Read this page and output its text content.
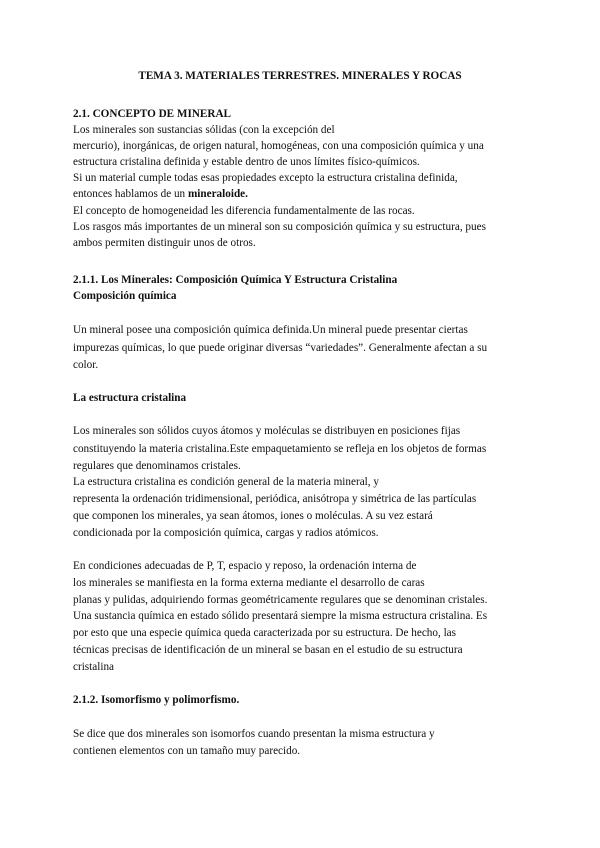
TEMA 3. MATERIALES TERRESTRES. MINERALES Y ROCAS

2.1. CONCEPTO DE MINERAL

Los minerales son sustancias sólidas (con la excepción del

mercurio), inorgánicas, de origen natural, homogéneas, con una composición química y una

estructura cristalina definida y estable dentro de unos límites físico-químicos.

Si un material cumple todas esas propiedades excepto la estructura cristalina definida,

entonces hablamos de un mineraloide.

El concepto de homogeneidad les diferencia fundamentalmente de las rocas.

Los rasgos más importantes de un mineral son su composición química y su estructura, pues

ambos permiten distinguir unos de otros.

2.1.1. Los Minerales: Composición Química Y Estructura Cristalina

Composición química

Un mineral posee una composición química definida.Un mineral puede presentar ciertas

impurezas químicas, lo que puede originar diversas “variedades”. Generalmente afectan a su

color.

La estructura cristalina

Los minerales son sólidos cuyos átomos y moléculas se distribuyen en posiciones fijas

constituyendo la materia cristalina.Este empaquetamiento se refleja en los objetos de formas

regulares que denominamos cristales.

La estructura cristalina es condición general de la materia mineral, y

representa la ordenación tridimensional, periódica, anisótropa y simétrica de las partículas

que componen los minerales, ya sean átomos, iones o moléculas. A su vez estará

condicionada por la composición química, cargas y radios atómicos.

En condiciones adecuadas de P, T, espacio y reposo, la ordenación interna de

los minerales se manifiesta en la forma externa mediante el desarrollo de caras

planas y pulidas, adquiriendo formas geométricamente regulares que se denominan cristales.

Una sustancia química en estado sólido presentará siempre la misma estructura cristalina. Es

por esto que una especie química queda caracterizada por su estructura. De hecho, las

técnicas precisas de identificación de un mineral se basan en el estudio de su estructura

cristalina

2.1.2. Isomorfismo y polimorfismo.

Se dice que dos minerales son isomorfos cuando presentan la misma estructura y

contienen elementos con un tamaño muy parecido.
